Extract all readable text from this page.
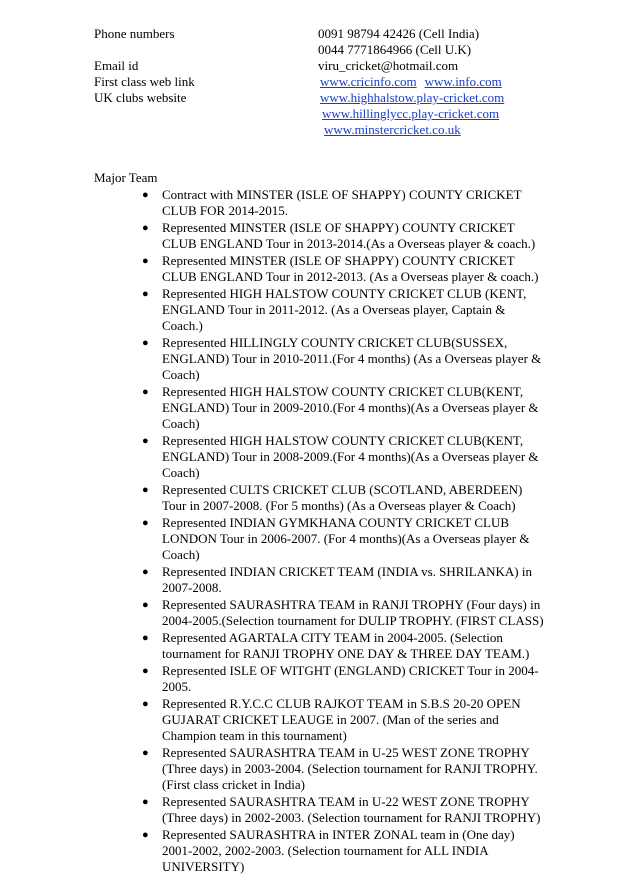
Phone numbers	0091 98794 42426 (Cell India)
0044 7771864966 (Cell U.K)
Email id	viru_cricket@hotmail.com
First class web link	www.cricinfo.com www.info.com
UK clubs website	www.highhalstow.play-cricket.com
www.hillinglycc.play-cricket.com
www.minstercricket.co.uk
Major Team
● Contract with MINSTER (ISLE OF SHAPPY) COUNTY CRICKET CLUB FOR 2014-2015.
● Represented MINSTER (ISLE OF SHAPPY) COUNTY CRICKET CLUB ENGLAND Tour in 2013-2014.(As a Overseas player & coach.)
● Represented MINSTER (ISLE OF SHAPPY) COUNTY CRICKET CLUB ENGLAND Tour in 2012-2013. (As a Overseas player & coach.)
● Represented HIGH HALSTOW COUNTY CRICKET CLUB (KENT, ENGLAND Tour in 2011-2012. (As a Overseas player, Captain & Coach.)
● Represented HILLINGLY COUNTY CRICKET CLUB(SUSSEX, ENGLAND) Tour in 2010-2011.(For 4 months) (As a Overseas player & Coach)
● Represented HIGH HALSTOW COUNTY CRICKET CLUB(KENT, ENGLAND) Tour in 2009-2010.(For 4 months)(As a Overseas player & Coach)
● Represented HIGH HALSTOW COUNTY CRICKET CLUB(KENT, ENGLAND) Tour in 2008-2009.(For 4 months)(As a Overseas player & Coach)
● Represented CULTS CRICKET CLUB (SCOTLAND, ABERDEEN) Tour in 2007-2008. (For 5 months) (As a Overseas player & Coach)
● Represented INDIAN GYMKHANA COUNTY CRICKET CLUB LONDON Tour in 2006-2007. (For 4 months)(As a Overseas player & Coach)
● Represented INDIAN CRICKET TEAM (INDIA vs. SHRILANKA) in 2007-2008.
● Represented SAURASHTRA TEAM in RANJI TROPHY (Four days) in 2004-2005.(Selection tournament for DULIP TROPHY. (FIRST CLASS)
● Represented AGARTALA CITY TEAM in 2004-2005. (Selection tournament for RANJI TROPHY ONE DAY & THREE DAY TEAM.)
● Represented ISLE OF WITGHT (ENGLAND) CRICKET Tour in 2004-2005.
● Represented R.Y.C.C CLUB RAJKOT TEAM in S.B.S 20-20 OPEN GUJARAT CRICKET LEAUGE in 2007. (Man of the series and Champion team in this tournament)
● Represented SAURASHTRA TEAM in U-25 WEST ZONE TROPHY (Three days) in 2003-2004. (Selection tournament for RANJI TROPHY. (First class cricket in India)
● Represented SAURASHTRA TEAM in U-22 WEST ZONE TROPHY (Three days) in 2002-2003. (Selection tournament for RANJI TROPHY)
● Represented SAURASHTRA in INTER ZONAL team in (One day) 2001-2002, 2002-2003. (Selection tournament for ALL INDIA UNIVERSITY)
